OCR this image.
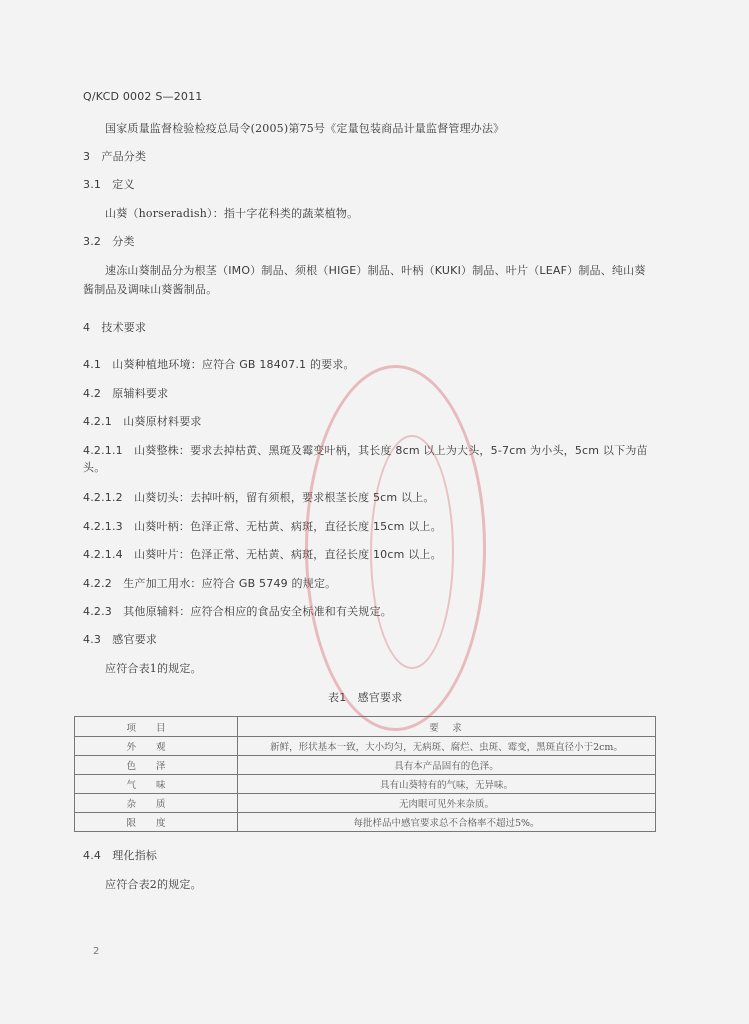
Q/KCD 0002 S—2011
国家质量监督检验检疫总局令(2005)第75号《定量包装商品计量监督管理办法》
3　产品分类
3.1　定义
山葵（horseradish）：指十字花科类的蔬菜植物。
3.2　分类
速冻山葵制品分为根茎（IMO）制品、须根（HIGE）制品、叶柄（KUKI）制品、叶片（LEAF）制品、纯山葵酱制品及调味山葵酱制品。
4　技术要求
4.1　山葵种植地环境：应符合 GB 18407.1 的要求。
4.2　原辅料要求
4.2.1　山葵原材料要求
4.2.1.1　山葵整株：要求去掉枯黄、黑斑及霉变叶柄，其长度 8cm 以上为大头，5-7cm 为小头，5cm 以下为苗头。
4.2.1.2　山葵切头：去掉叶柄，留有须根，要求根茎长度 5cm 以上。
4.2.1.3　山葵叶柄：色泽正常、无枯黄、病斑，直径长度 15cm 以上。
4.2.1.4　山葵叶片：色泽正常、无枯黄、病斑，直径长度 10cm 以上。
4.2.2　生产加工用水：应符合 GB 5749 的规定。
4.2.3　其他原辅料：应符合相应的食品安全标准和有关规定。
4.3　感官要求
应符合表1的规定。
表1　感官要求
项目	要　求
外观	新鲜，形状基本一致，大小均匀，无病斑、腐烂、虫斑、霉变，黑斑直径小于2cm。
色泽	具有本产品固有的色泽。
气味	具有山葵特有的气味，无异味。
杂质	无肉眼可见外来杂质。
限度	每批样品中感官要求总不合格率不超过5%。
4.4　理化指标
应符合表2的规定。
2
